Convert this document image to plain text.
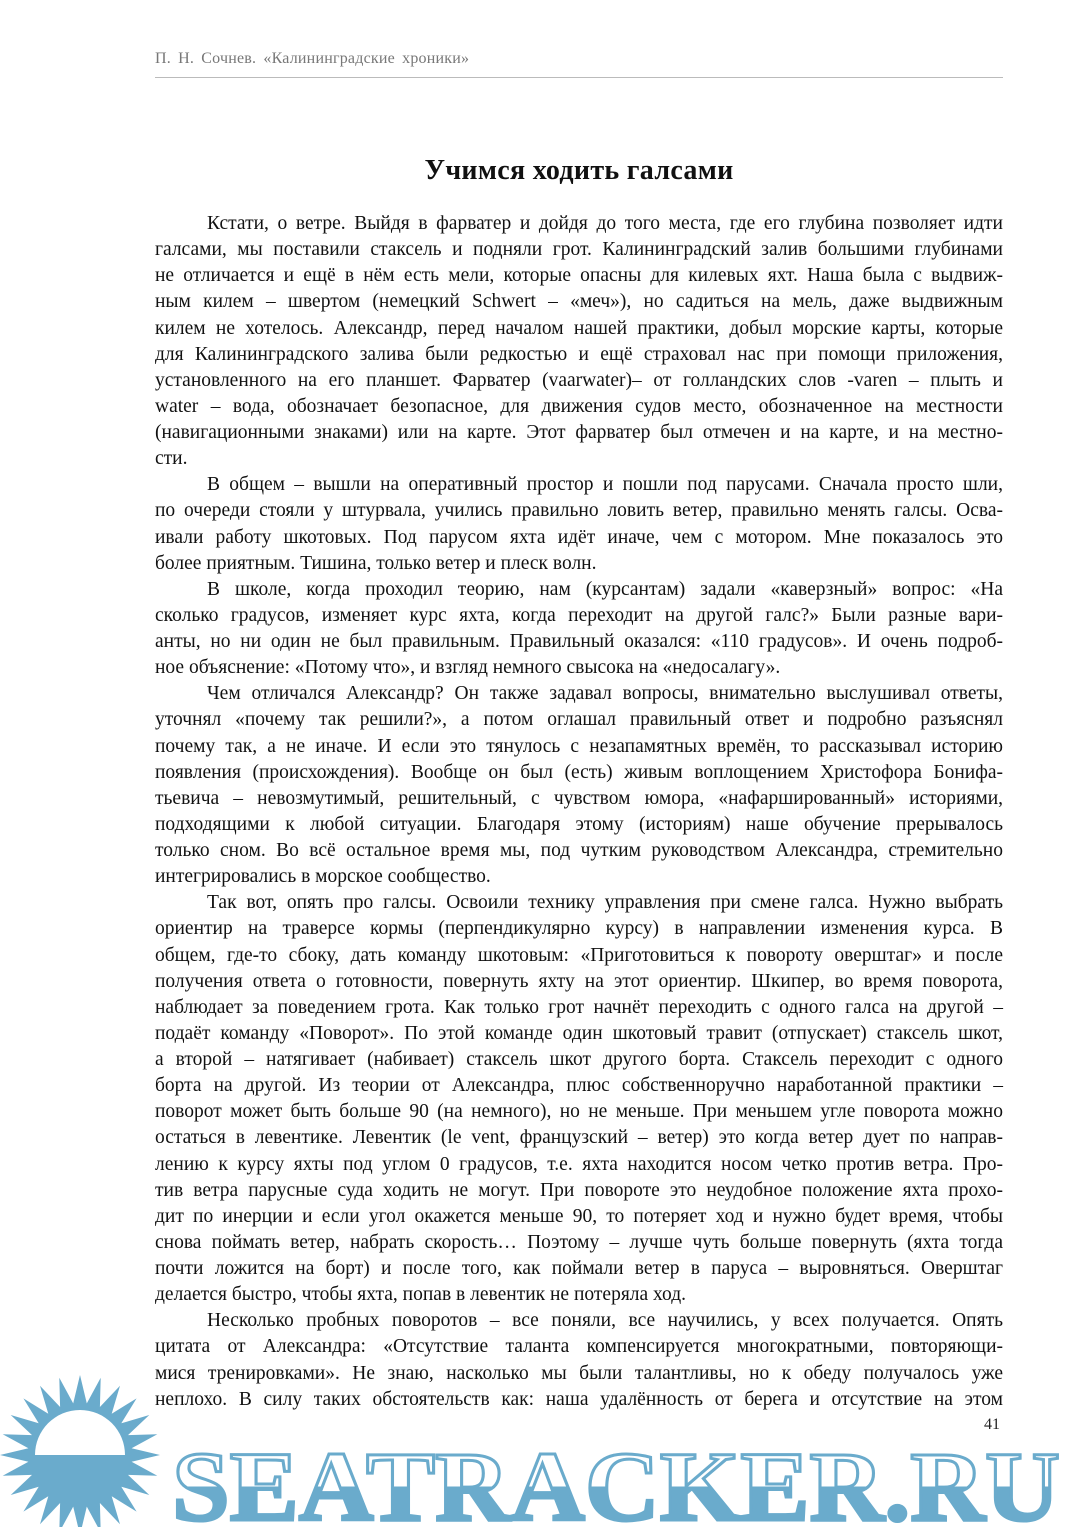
П. Н. Сочнев. «Калининградские хроники»
Учимся ходить галсами
Кстати, о ветре. Выйдя в фарватер и дойдя до того места, где его глубина позволяет идти
галсами, мы поставили стаксель и подняли грот. Калининградский залив большими глубинами
не отличается и ещё в нём есть мели, которые опасны для килевых яхт. Наша была с выдвиж-
ным килем – швертом (немецкий Schwert – «меч»), но садиться на мель, даже выдвижным
килем не хотелось. Александр, перед началом нашей практики, добыл морские карты, которые
для Калининградского залива были редкостью и ещё страховал нас при помощи приложения,
установленного на его планшет. Фарватер (vaarwater)– от голландских слов -varen – плыть и
water – вода, обозначает безопасное, для движения судов место, обозначенное на местности
(навигационными знаками) или на карте. Этот фарватер был отмечен и на карте, и на местно-
сти.
В общем – вышли на оперативный простор и пошли под парусами. Сначала просто шли,
по очереди стояли у штурвала, учились правильно ловить ветер, правильно менять галсы. Осва-
ивали работу шкотовых. Под парусом яхта идёт иначе, чем с мотором. Мне показалось это
более приятным. Тишина, только ветер и плеск волн.
В школе, когда проходил теорию, нам (курсантам) задали «каверзный» вопрос: «На
сколько градусов, изменяет курс яхта, когда переходит на другой галс?» Были разные вари-
анты, но ни один не был правильным. Правильный оказался: «110 градусов». И очень подроб-
ное объяснение: «Потому что», и взгляд немного свысока на «недосалагу».
Чем отличался Александр? Он также задавал вопросы, внимательно выслушивал ответы,
уточнял «почему так решили?», а потом оглашал правильный ответ и подробно разъяснял
почему так, а не иначе. И если это тянулось с незапамятных времён, то рассказывал историю
появления (происхождения). Вообще он был (есть) живым воплощением Христофора Бонифа-
тьевича – невозмутимый, решительный, с чувством юмора, «нафаршированный» историями,
подходящими к любой ситуации. Благодаря этому (историям) наше обучение прерывалось
только сном. Во всё остальное время мы, под чутким руководством Александра, стремительно
интегрировались в морское сообщество.
Так вот, опять про галсы. Освоили технику управления при смене галса. Нужно выбрать
ориентир на траверсе кормы (перпендикулярно курсу) в направлении изменения курса. В
общем, где-то сбоку, дать команду шкотовым: «Приготовиться к повороту оверштаг» и после
получения ответа о готовности, повернуть яхту на этот ориентир. Шкипер, во время поворота,
наблюдает за поведением грота. Как только грот начнёт переходить с одного галса на другой –
подаёт команду «Поворот». По этой команде один шкотовый травит (отпускает) стаксель шкот,
а второй – натягивает (набивает) стаксель шкот другого борта. Стаксель переходит с одного
борта на другой. Из теории от Александра, плюс собственноручно наработанной практики –
поворот может быть больше 90 (на немного), но не меньше. При меньшем угле поворота можно
остаться в левентике. Левентик (le vent, французский – ветер) это когда ветер дует по направ-
лению к курсу яхты под углом 0 градусов, т.е. яхта находится носом четко против ветра. Про-
тив ветра парусные суда ходить не могут. При повороте это неудобное положение яхта прохо-
дит по инерции и если угол окажется меньше 90, то потеряет ход и нужно будет время, чтобы
снова поймать ветер, набрать скорость… Поэтому – лучше чуть больше повернуть (яхта тогда
почти ложится на борт) и после того, как поймали ветер в паруса – выровняться. Оверштаг
делается быстро, чтобы яхта, попав в левентик не потеряла ход.
Несколько пробных поворотов – все поняли, все научились, у всех получается. Опять
цитата от Александра: «Отсутствие таланта компенсируется многократными, повторяющи-
мися тренировками». Не знаю, насколько мы были талантливы, но к обеду получалось уже
неплохо. В силу таких обстоятельств как: наша удалённость от берега и отсутствие на этом
41
SEATRACKER.RU
